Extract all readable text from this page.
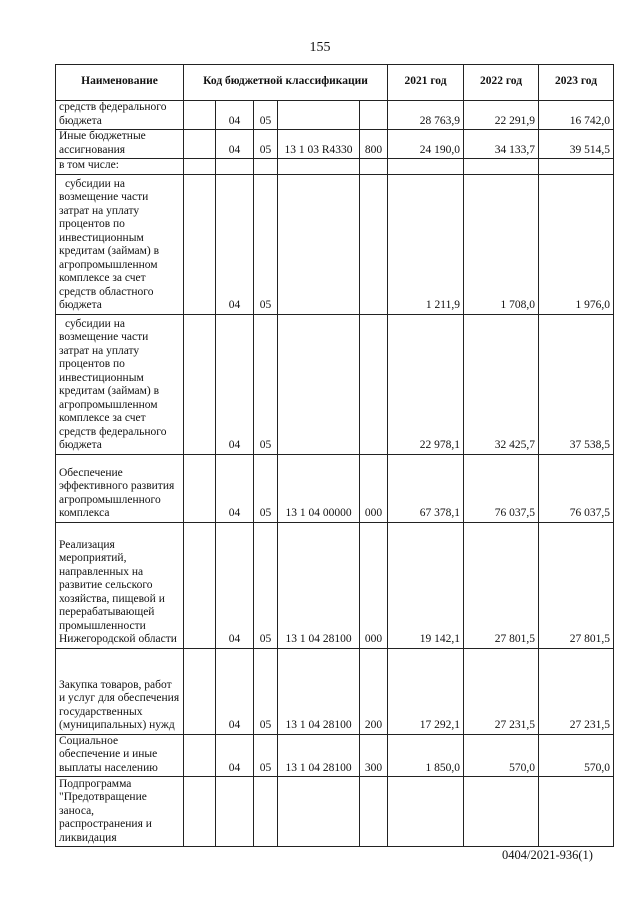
155
Наименование	Код бюджетной классификации					2021 год	2022 год	2023 год
средств федерального бюджета		04	05			28 763,9	22 291,9	16 742,0
Иные бюджетные ассигнования		04	05	13 1 03 R4330	800	24 190,0	34 133,7	39 514,5
в том числе:								
субсидии на возмещение части затрат на уплату процентов по инвестиционным кредитам (займам) в агропромышленном комплексе за счет средств областного бюджета		04	05			1 211,9	1 708,0	1 976,0
субсидии на возмещение части затрат на уплату процентов по инвестиционным кредитам (займам) в агропромышленном комплексе за счет средств федерального бюджета		04	05			22 978,1	32 425,7	37 538,5
Обеспечение эффективного развития агропромышленного комплекса		04	05	13 1 04 00000	000	67 378,1	76 037,5	76 037,5
Реализация мероприятий, направленных на развитие сельского хозяйства, пищевой и перерабатывающей промышленности Нижегородской области		04	05	13 1 04 28100	000	19 142,1	27 801,5	27 801,5
Закупка товаров, работ и услуг для обеспечения государственных (муниципальных) нужд		04	05	13 1 04 28100	200	17 292,1	27 231,5	27 231,5
Социальное обеспечение и иные выплаты населению		04	05	13 1 04 28100	300	1 850,0	570,0	570,0
Подпрограмма "Предотвращение заноса, распространения и ликвидация								
0404/2021-936(1)
